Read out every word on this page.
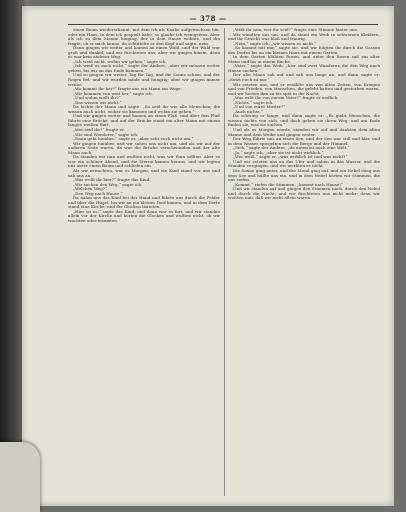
— 378 —

einen Baum wiedererkannt, mit dem ich als Knabe aufgewachsen bin, oder ein Haus, in dem ich gespielt habe; so glaube ich wenigstens. Aber als ich zu dem Manne hinging, der in dem Hause wohnte, und ihn fragte, ob er mich kenne, da schüttelte er den Kopf und sagte: nein.

Dann gingen wir weiter und kamen an einen Wald, und der Wald war groß und dunkel, und wir fürchteten uns; aber wir gingen hinein, denn es war kein anderer Weg.

„Ich weiß nicht, wohin wir gehen,“ sagte ich.

„Ich weiß es auch nicht,“ sagte der Andere, „aber wir müssen weiter gehen, bis wir an das Ende kommen.“

Und so gingen wir weiter, Tag für Tag, und die Sonne schien, und der Regen fiel, und wir wurden müde und hungrig; aber wir gingen immer weiter.

„Wo kommt ihr her?“ fragte uns ein Mann am Wege.

„Wir kommen von weit her,“ sagte ich.

„Und wohin wollt ihr?“

„Das wissen wir nicht.“

Da lachte der Mann und sagte: „So seid ihr wie alle Menschen; die wissen auch nicht, woher sie kommen und wohin sie gehen.“

Und wir gingen weiter und kamen an einen Fluß, und über den Fluß führte eine Brücke, und auf der Brücke stand ein alter Mann mit einem langen weißen Bart.

„Wer seid ihr?“ fragte er.

„Wir sind Wanderer,“ sagte ich.

„Dann geht hinüber,“ sagte er, „aber seht euch nicht um.“

Wir gingen hinüber, und wir sahen uns nicht um, und als wir auf der anderen Seite waren, da war die Brücke verschwunden und der alte Mann auch.

Da standen wir nun und wußten nicht, was wir thun sollten. Aber es war ein schöner Abend, und die Sterne kamen heraus, und wir legten uns unter einen Baum und schliefen ein.

Als wir erwachten, war es Morgen, und ein Kind stand vor uns und sah uns an.

„Was wollt ihr hier?“ fragte das Kind.

„Wir suchen den Weg,“ sagte ich.

„Welchen Weg?“

„Den Weg nach Hause.“

Da nahm uns das Kind bei der Hand und führte uns durch die Felder und über die Hügel, bis wir an ein kleines Dorf kamen, und in dem Dorfe stand eine Kirche, und die Glocken läuteten.

„Hier ist es,“ sagte das Kind, und dann war es fort, und wir standen allein vor der Kirche und hörten die Glocken und wußten nicht, ob wir wachten oder träumten.

„Wißt ihr nun, wer ihr seid?“ fragte eine Stimme hinter uns.

Wir wandten uns um, und da stand ein Weib in schwarzen Kleidern, und ihr Gesicht war blaß und traurig.

„Nein,“ sagte ich, „wir wissen es nicht.“

„So kommt mit mir,“ sagte sie, und wir folgten ihr durch die Gassen des Dorfes bis an ein kleines Haus mit einem Garten.

In dem Garten blühten Rosen, und unter den Rosen saß ein alter Mann und las in einem Buche.

„Vater,“ sagte das Weib, „hier sind zwei Wanderer, die den Weg nach Hause suchen.“

Der alte Mann sah auf und sah uns lange an, und dann sagte er: „Setzt euch zu mir.“

Wir setzten uns, und er erzählte uns von alten Zeiten, von Kriegen und von Frieden, von Menschen, die gelebt hatten und gestorben waren, und wir hörten ihm zu bis spät in die Nacht.

„Was wißt ihr von eurem Vater?“ fragte er endlich.

„Nichts,“ sagte ich.

„Und von eurer Mutter?“

„Auch nichts.“

Da schwieg er lange, und dann sagte er: „Es giebt Menschen, die wissen nichts von sich, und doch gehen sie ihren Weg; und am Ende finden sie, was sie suchen.“

Und als es Morgen wurde, standen wir auf und dankten dem alten Manne und dem Weibe und gingen weiter.

Der Weg führte uns an einen See, und der See war still und klar, und in dem Wasser spiegelten sich die Berge und der Himmel.

„Sieh,“ sagte der Andere, „da unten ist auch eine Welt.“

„Ja,“ sagte ich, „aber sie ist nicht wirklich.“

„Wer weiß,“ sagte er, „was wirklich ist und was nicht?“

Und wir setzten uns an das Ufer und sahen in das Wasser, und die Stunden vergingen, und wir merkten es nicht.

Die Sonne ging unter, und der Mond ging auf, und ein Nebel stieg aus dem See und hüllte uns ein, und in dem Nebel hörten wir Stimmen, die uns riefen.

„Kommt,“ riefen die Stimmen, „kommt nach Hause!“

Und wir standen auf und gingen den Stimmen nach, durch den Nebel und durch die Nacht, und wir fürchteten uns nicht mehr; denn wir wußten nun, daß wir nicht allein waren.
